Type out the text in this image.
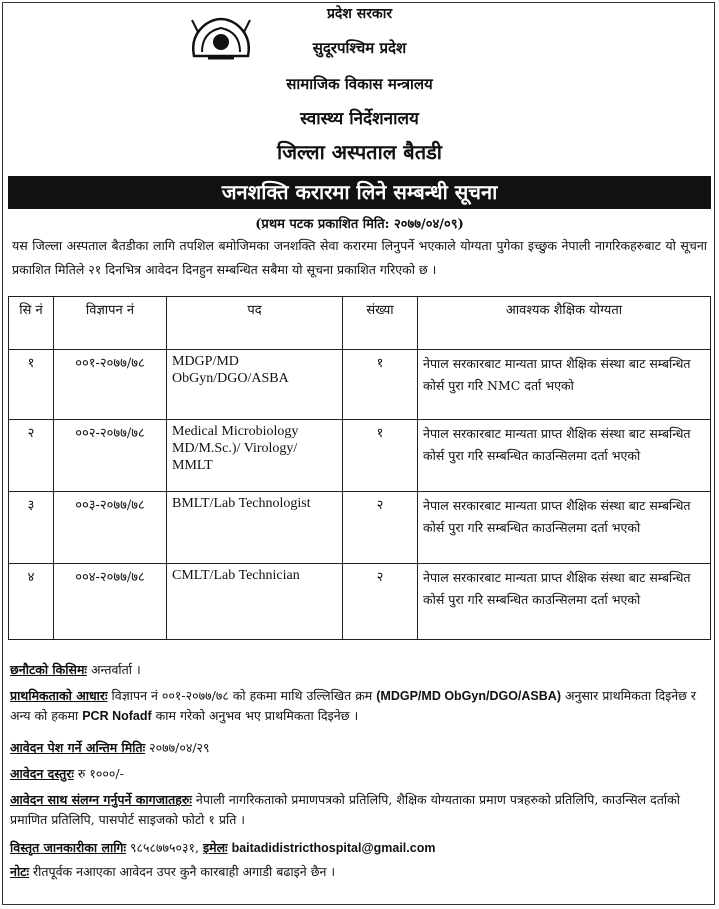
प्रदेश सरकार
सुदूरपश्चिम प्रदेश
सामाजिक विकास मन्त्रालय
स्वास्थ्य निर्देशनालय
जिल्ला अस्पताल बैतडी
जनशक्ति करारमा लिने सम्बन्धी सूचना
(प्रथम पटक प्रकाशित मिति: २०७७/०४/०९)
यस जिल्ला अस्पताल बैतडीका लागि तपशिल बमोजिमका जनशक्ति सेवा करारमा लिनुपर्ने भएकाले योग्यता पुगेका इच्छुक नेपाली नागरिकहरुबाट यो सूचना प्रकाशित मितिले २१ दिनभित्र आवेदन दिनहुन सम्बन्धित सबैमा यो सूचना प्रकाशित गरिएको छ ।
सि नं	विज्ञापन नं	पद	संख्या	आवश्यक शैक्षिक योग्यता
१	००१-२०७७/७८	MDGP/MD ObGyn/DGO/ASBA	१	नेपाल सरकारबाट मान्यता प्राप्त शैक्षिक संस्था बाट सम्बन्धित कोर्स पुरा गरि NMC दर्ता भएको
२	००२-२०७७/७८	Medical Microbiology MD/M.Sc.)/ Virology/ MMLT	१	नेपाल सरकारबाट मान्यता प्राप्त शैक्षिक संस्था बाट सम्बन्धित कोर्स पुरा गरि सम्बन्धित काउन्सिलमा दर्ता भएको
३	००३-२०७७/७८	BMLT/Lab Technologist	२	नेपाल सरकारबाट मान्यता प्राप्त शैक्षिक संस्था बाट सम्बन्धित कोर्स पुरा गरि सम्बन्धित काउन्सिलमा दर्ता भएको
४	००४-२०७७/७८	CMLT/Lab Technician	२	नेपाल सरकारबाट मान्यता प्राप्त शैक्षिक संस्था बाट सम्बन्धित कोर्स पुरा गरि सम्बन्धित काउन्सिलमा दर्ता भएको
छनौटको किसिमः अन्तर्वार्ता ।
प्राथमिकताको आधारः विज्ञापन नं ००१-२०७७/७८ को हकमा माथि उल्लिखित क्रम (MDGP/MD ObGyn/DGO/ASBA) अनुसार प्राथमिकता दिइनेछ र अन्य को हकमा PCR Nofadf काम गरेको अनुभव भए प्राथमिकता दिइनेछ ।
आवेदन पेश गर्ने अन्तिम मितिः २०७७/०४/२९
आवेदन दस्तुरः रु १०००/-
आवेदन साथ संलग्न गर्नुपर्ने कागजातहरुः नेपाली नागरिकताको प्रमाणपत्रको प्रतिलिपि, शैक्षिक योग्यताका प्रमाण पत्रहरुको प्रतिलिपि, काउन्सिल दर्ताको प्रमाणित प्रतिलिपि, पासपोर्ट साइजको फोटो १ प्रति ।
विस्तृत जानकारीका लागिः ९८५८७७५०३१, इमेलः baitadidistricthospital@gmail.com
नोटः रीतपूर्वक नआएका आवेदन उपर कुनै कारबाही अगाडी बढाइने छैन ।
